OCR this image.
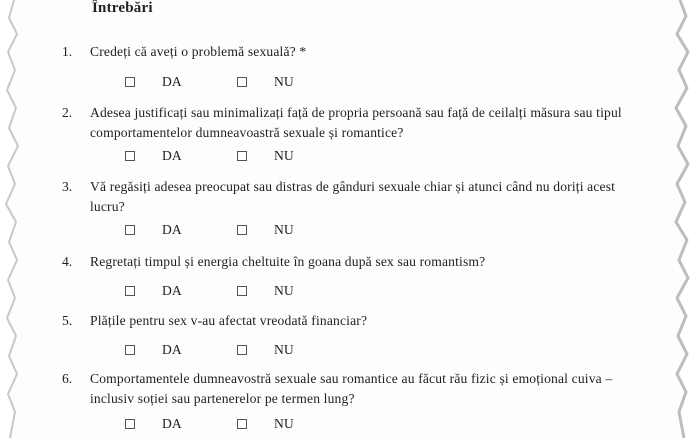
Întrebări
1.	Credeți că aveți o problemă sexuală? *
DA	NU
2.	Adesea justificați sau minimalizați față de propria persoană sau față de ceilalți măsura sau tipul comportamentelor dumneavoastră sexuale și romantice?
DA	NU
3.	Vă regăsiți adesea preocupat sau distras de gânduri sexuale chiar și atunci când nu doriți acest lucru?
DA	NU
4.	Regretați timpul și energia cheltuite în goana după sex sau romantism?
DA	NU
5.	Plățile pentru sex v-au afectat vreodată financiar?
DA	NU
6.	Comportamentele dumneavostră sexuale sau romantice au făcut rău fizic și emoțional cuiva – inclusiv soției sau partenerelor pe termen lung?
DA	NU
